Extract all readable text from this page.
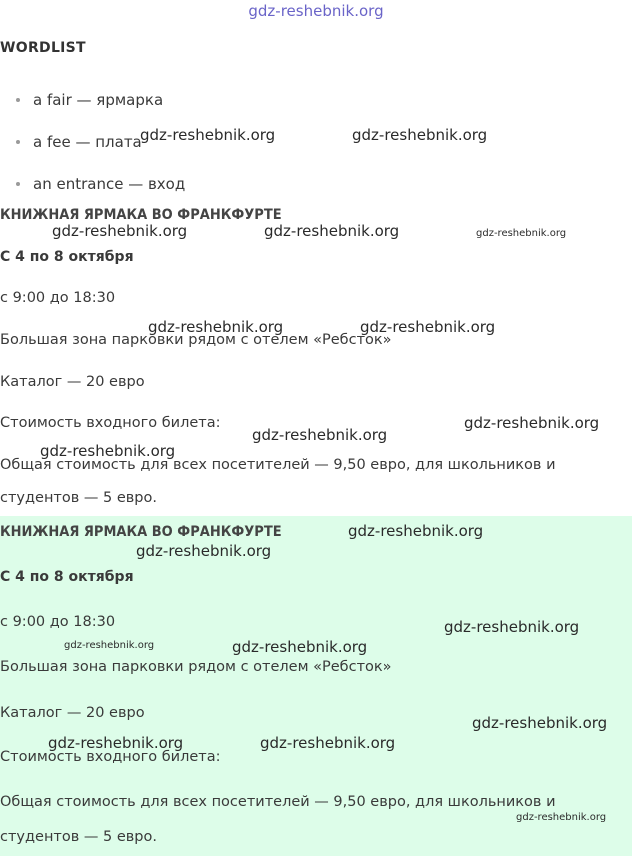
gdz-reshebnik.org
WORDLIST
a fair — ярмарка
a fee — плата
an entrance — вход
КНИЖНАЯ ЯРМАКА ВО ФРАНКФУРТЕ
С 4 по 8 октября
с 9:00 до 18:30
Большая зона парковки рядом с отелем «Ребсток»
Каталог — 20 евро
Стоимость входного билета:
Общая стоимость для всех посетителей — 9,50 евро, для школьников и
студентов — 5 евро.
КНИЖНАЯ ЯРМАКА ВО ФРАНКФУРТЕ
С 4 по 8 октября
с 9:00 до 18:30
Большая зона парковки рядом с отелем «Ребсток»
Каталог — 20 евро
Стоимость входного билета:
Общая стоимость для всех посетителей — 9,50 евро, для школьников и
студентов — 5 евро.
gdz-reshebnik.org	gdz-reshebnik.org
gdz-reshebnik.org	gdz-reshebnik.org	gdz-reshebnik.org
gdz-reshebnik.org	gdz-reshebnik.org
gdz-reshebnik.org
gdz-reshebnik.org
gdz-reshebnik.org
gdz-reshebnik.org
gdz-reshebnik.org
gdz-reshebnik.org
gdz-reshebnik.org	gdz-reshebnik.org
gdz-reshebnik.org
gdz-reshebnik.org	gdz-reshebnik.org
gdz-reshebnik.org
